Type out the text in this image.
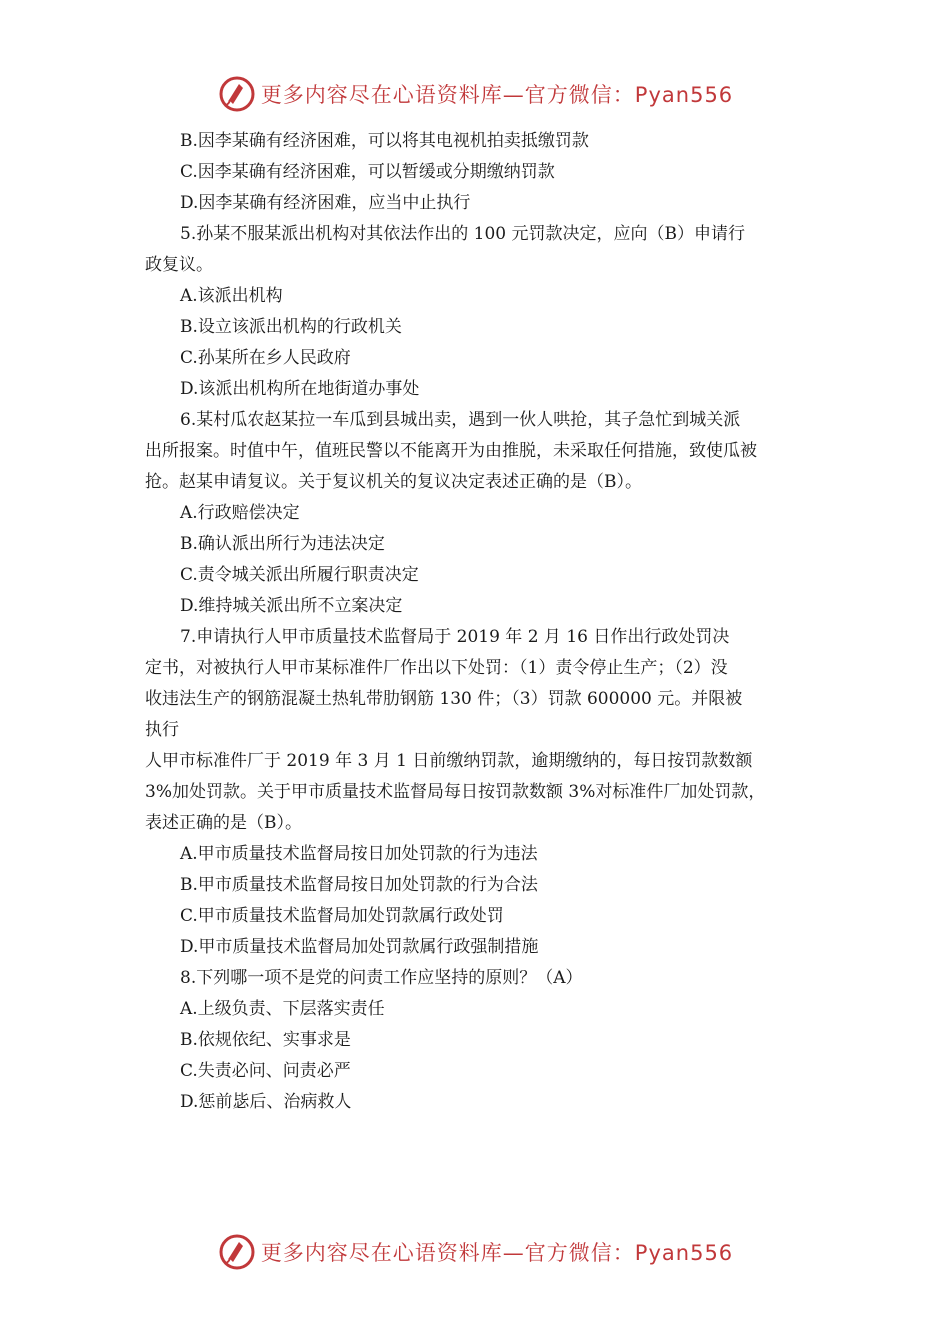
更多内容尽在心语资料库—官方微信：Pyan556
B.因李某确有经济困难，可以将其电视机拍卖抵缴罚款
C.因李某确有经济困难，可以暂缓或分期缴纳罚款
D.因李某确有经济困难，应当中止执行
5.孙某不服某派出机构对其依法作出的 100 元罚款决定，应向（B）申请行
政复议。
A.该派出机构
B.设立该派出机构的行政机关
C.孙某所在乡人民政府
D.该派出机构所在地街道办事处
6.某村瓜农赵某拉一车瓜到县城出卖，遇到一伙人哄抢，其子急忙到城关派
出所报案。时值中午，值班民警以不能离开为由推脱，未采取任何措施，致使瓜被
抢。赵某申请复议。关于复议机关的复议决定表述正确的是（B）。
A.行政赔偿决定
B.确认派出所行为违法决定
C.责令城关派出所履行职责决定
D.维持城关派出所不立案决定
7.申请执行人甲市质量技术监督局于 2019 年 2 月 16 日作出行政处罚决
定书，对被执行人甲市某标准件厂作出以下处罚：（1）责令停止生产；（2）没
收违法生产的钢筋混凝土热轧带肋钢筋 130 件；（3）罚款 600000 元。并限被
执行
人甲市标准件厂于 2019 年 3 月 1 日前缴纳罚款，逾期缴纳的，每日按罚款数额
3%加处罚款。关于甲市质量技术监督局每日按罚款数额 3%对标准件厂加处罚款，
表述正确的是（B）。
A.甲市质量技术监督局按日加处罚款的行为违法
B.甲市质量技术监督局按日加处罚款的行为合法
C.甲市质量技术监督局加处罚款属行政处罚
D.甲市质量技术监督局加处罚款属行政强制措施
8.下列哪一项不是党的问责工作应坚持的原则？（A）
A.上级负责、下层落实责任
B.依规依纪、实事求是
C.失责必问、问责必严
D.惩前毖后、治病救人
更多内容尽在心语资料库—官方微信：Pyan556
